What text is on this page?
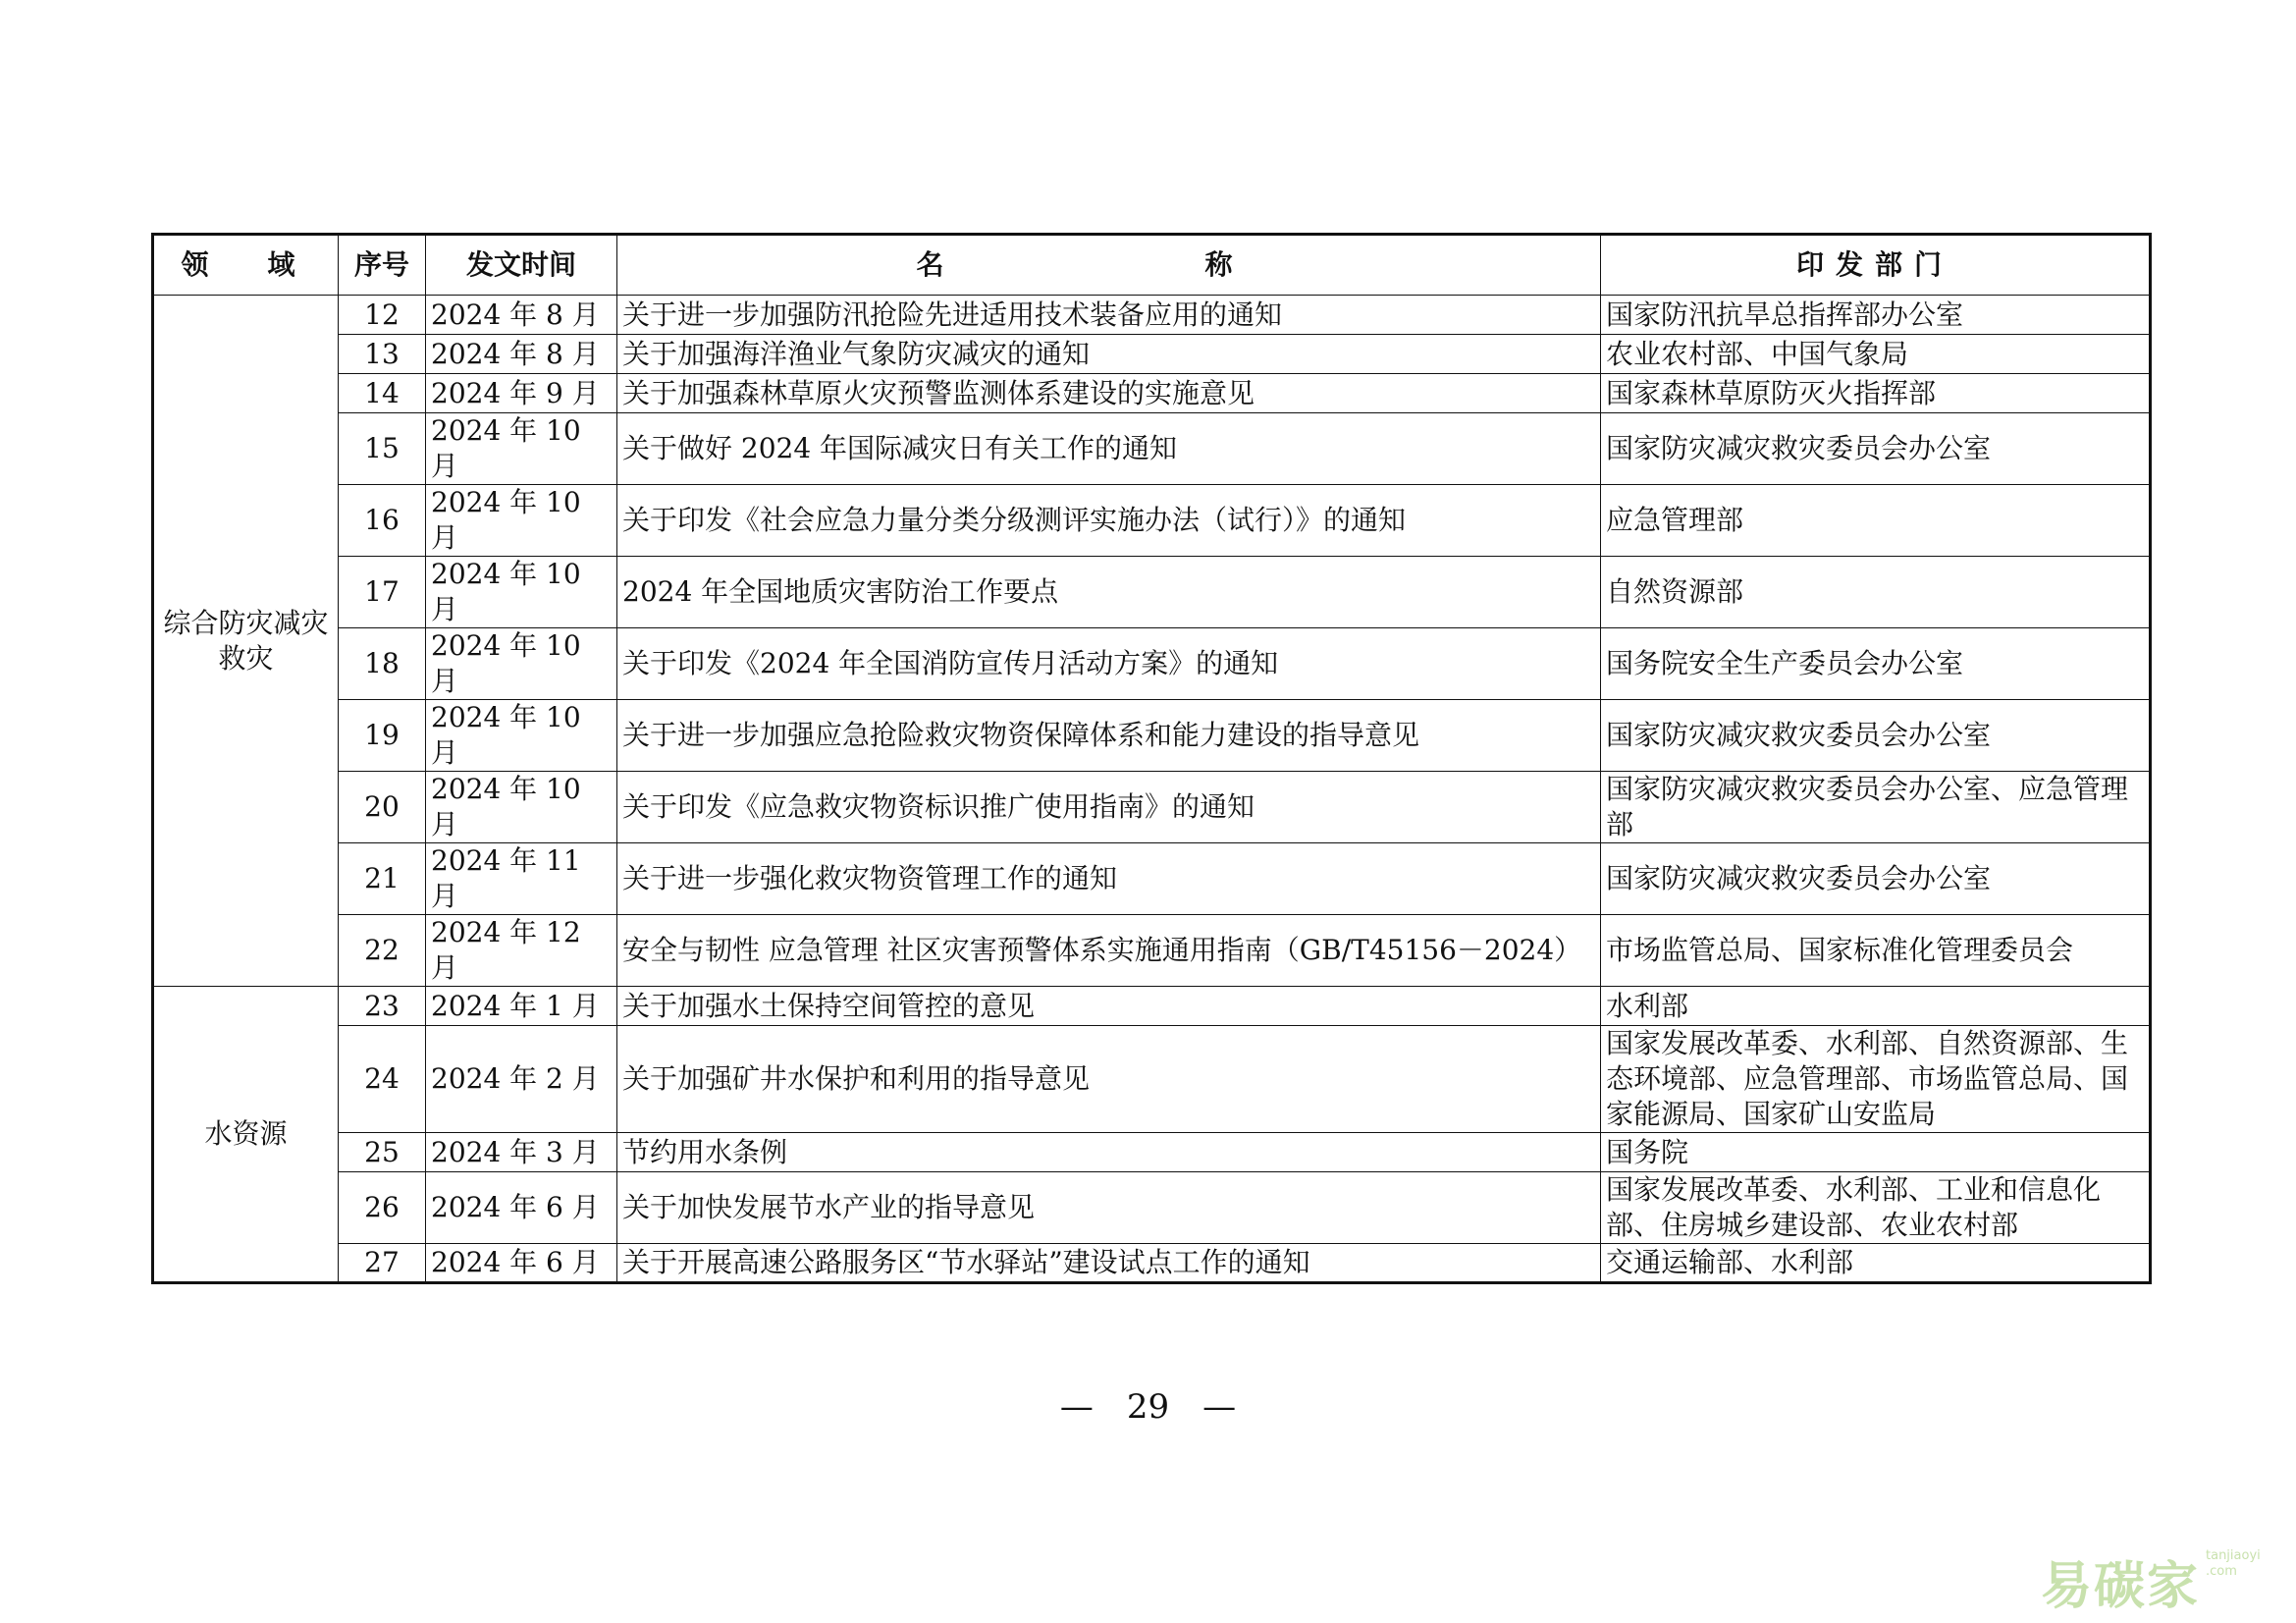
领　域	序号	发文时间	名　　称	印发部门
综合防灾减灾救灾	12	2024 年 8 月	关于进一步加强防汛抢险先进适用技术装备应用的通知	国家防汛抗旱总指挥部办公室
	13	2024 年 8 月	关于加强海洋渔业气象防灾减灾的通知	农业农村部、中国气象局
	14	2024 年 9 月	关于加强森林草原火灾预警监测体系建设的实施意见	国家森林草原防灭火指挥部
	15	2024 年 10 月	关于做好 2024 年国际减灾日有关工作的通知	国家防灾减灾救灾委员会办公室
	16	2024 年 10 月	关于印发《社会应急力量分类分级测评实施办法（试行）》的通知	应急管理部
	17	2024 年 10 月	2024 年全国地质灾害防治工作要点	自然资源部
	18	2024 年 10 月	关于印发《2024 年全国消防宣传月活动方案》的通知	国务院安全生产委员会办公室
	19	2024 年 10 月	关于进一步加强应急抢险救灾物资保障体系和能力建设的指导意见	国家防灾减灾救灾委员会办公室
	20	2024 年 10 月	关于印发《应急救灾物资标识推广使用指南》的通知	国家防灾减灾救灾委员会办公室、应急管理部
	21	2024 年 11 月	关于进一步强化救灾物资管理工作的通知	国家防灾减灾救灾委员会办公室
	22	2024 年 12 月	安全与韧性 应急管理 社区灾害预警体系实施通用指南（GB/T45156－2024）	市场监管总局、国家标准化管理委员会
水资源	23	2024 年 1 月	关于加强水土保持空间管控的意见	水利部
	24	2024 年 2 月	关于加强矿井水保护和利用的指导意见	国家发展改革委、水利部、自然资源部、生态环境部、应急管理部、市场监管总局、国家能源局、国家矿山安监局
	25	2024 年 3 月	节约用水条例	国务院
	26	2024 年 6 月	关于加快发展节水产业的指导意见	国家发展改革委、水利部、工业和信息化部、住房城乡建设部、农业农村部
	27	2024 年 6 月	关于开展高速公路服务区“节水驿站”建设试点工作的通知	交通运输部、水利部
—　29　—
易碳家
tanjiaoyi .com
